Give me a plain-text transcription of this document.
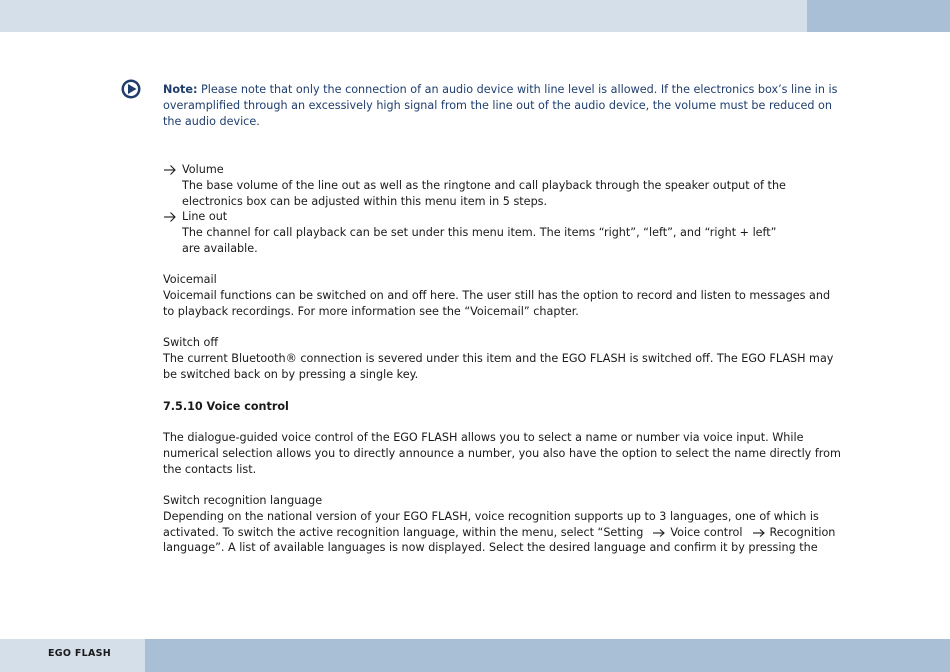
Note: Please note that only the connection of an audio device with line level is allowed. If the electronics box’s line in is
overamplified through an excessively high signal from the line out of the audio device, the volume must be reduced on
the audio device.
Volume
The base volume of the line out as well as the ringtone and call playback through the speaker output of the
electronics box can be adjusted within this menu item in 5 steps.
Line out
The channel for call playback can be set under this menu item. The items “right”, “left”, and “right + left”
are available.
Voicemail
Voicemail functions can be switched on and off here. The user still has the option to record and listen to messages and
to playback recordings. For more information see the “Voicemail” chapter.
Switch off
The current Bluetooth® connection is severed under this item and the EGO FLASH is switched off. The EGO FLASH may
be switched back on by pressing a single key.
7.5.10 Voice control
The dialogue-guided voice control of the EGO FLASH allows you to select a name or number via voice input. While
numerical selection allows you to directly announce a number, you also have the option to select the name directly from
the contacts list.
Switch recognition language
Depending on the national version of your EGO FLASH, voice recognition supports up to 3 languages, one of which is
activated. To switch the active recognition language, within the menu, select “Setting Voice control Recognition
language”. A list of available languages is now displayed. Select the desired language and confirm it by pressing the
EGO FLASH
